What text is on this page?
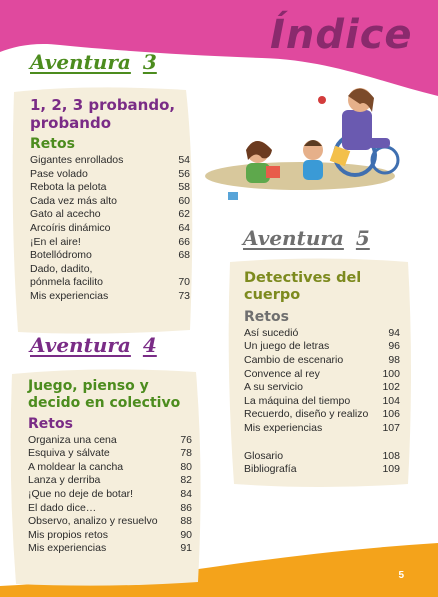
Índice
Aventura 3
1, 2, 3 probando, probando
Retos
Gigantes enrollados	54
Pase volado	56
Rebota la pelota	58
Cada vez más alto	60
Gato al acecho	62
Arcoíris dinámico	64
¡En el aire!	66
Botellódromo	68
Dado, dadito,
pónmela facilito	70
Mis experiencias	73
Aventura 4
Juego, pienso y decido en colectivo
Retos
Organiza una cena	76
Esquiva y sálvate	78
A moldear la cancha	80
Lanza y derriba	82
¡Que no deje de botar!	84
El dado dice…	86
Observo, analizo y resuelvo	88
Mis propios retos	90
Mis experiencias	91
Aventura 5
Detectives del cuerpo
Retos
Así sucedió	94
Un juego de letras	96
Cambio de escenario	98
Convence al rey	100
A su servicio	102
La máquina del tiempo	104
Recuerdo, diseño y realizo 106
Mis experiencias	107
Glosario	108
Bibliografía	109
5
